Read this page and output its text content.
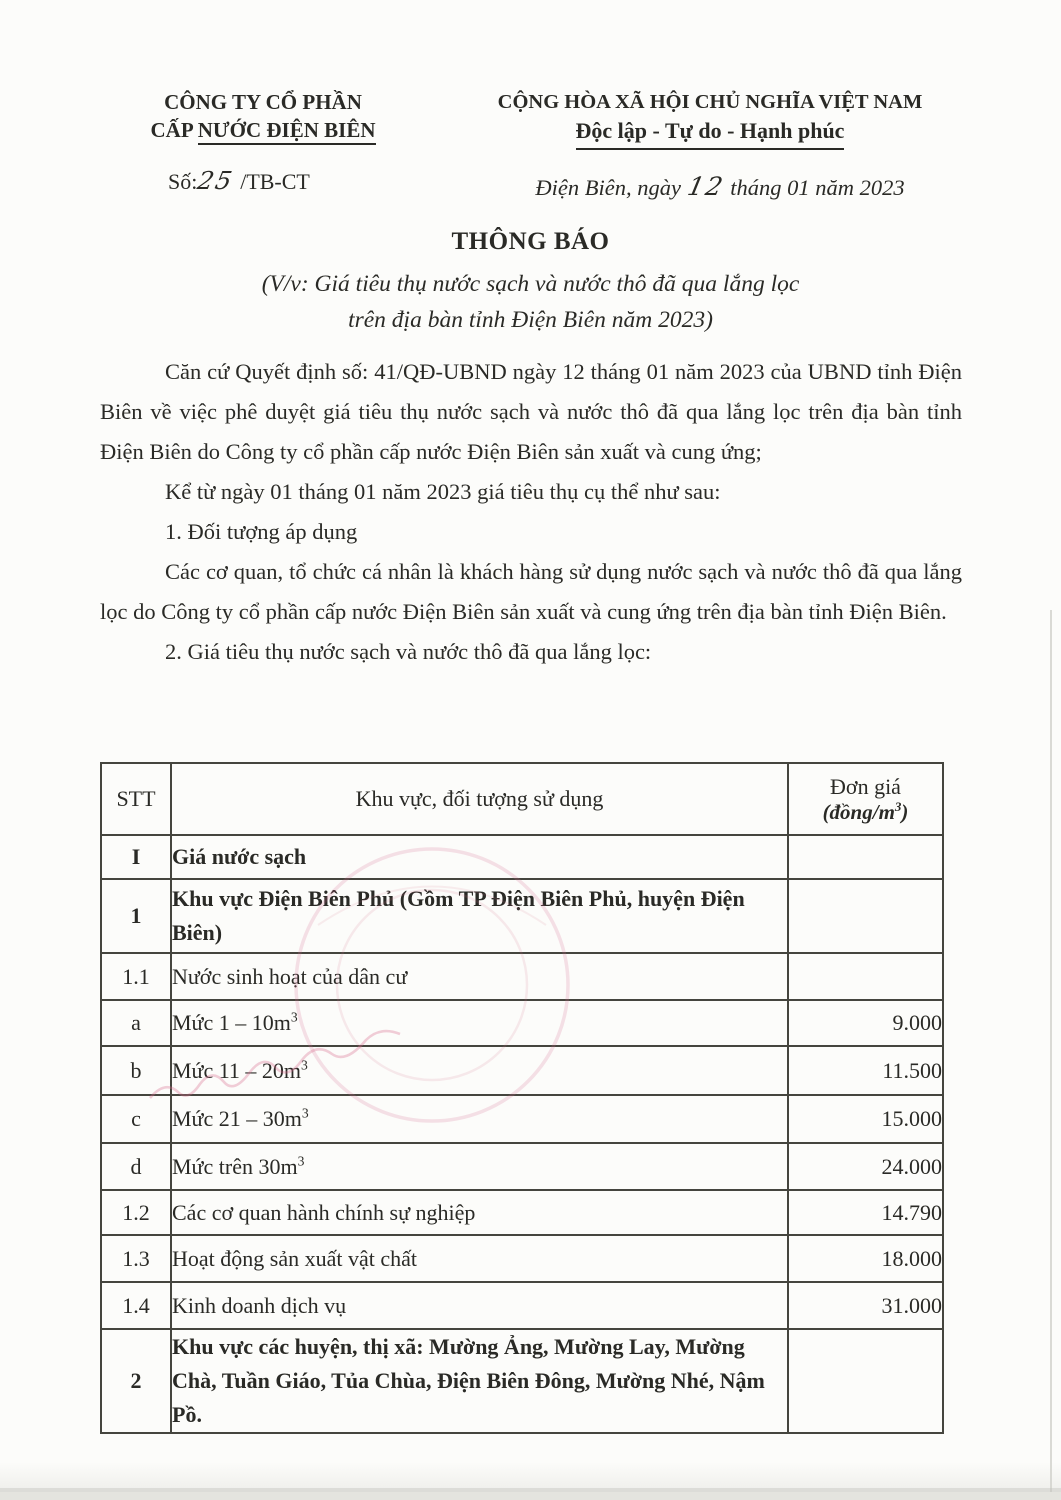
CÔNG TY CỔ PHẦN
CẤP NƯỚC ĐIỆN BIÊN
Số:25 /TB-CT
CỘNG HÒA XÃ HỘI CHỦ NGHĨA VIỆT NAM
Độc lập - Tự do - Hạnh phúc
Điện Biên, ngày 12 tháng 01 năm 2023
THÔNG BÁO
(V/v: Giá tiêu thụ nước sạch và nước thô đã qua lắng lọc
trên địa bàn tỉnh Điện Biên năm 2023)

Căn cứ Quyết định số: 41/QĐ-UBND ngày 12 tháng 01 năm 2023 của UBND tỉnh Điện Biên về việc phê duyệt giá tiêu thụ nước sạch và nước thô đã qua lắng lọc trên địa bàn tỉnh Điện Biên do Công ty cổ phần cấp nước Điện Biên sản xuất và cung ứng;

Kể từ ngày 01 tháng 01 năm 2023 giá tiêu thụ cụ thể như sau:

1. Đối tượng áp dụng

Các cơ quan, tổ chức cá nhân là khách hàng sử dụng nước sạch và nước thô đã qua lắng lọc do Công ty cổ phần cấp nước Điện Biên sản xuất và cung ứng trên địa bàn tỉnh Điện Biên.

2. Giá tiêu thụ nước sạch và nước thô đã qua lắng lọc:

STT	Khu vực, đối tượng sử dụng	Đơn giá
$(đồng/m^3)$

I	Giá nước sạch	
1	Khu vực Điện Biên Phủ (Gồm TP Điện Biên Phủ, huyện Điện Biên)	
1.1	Nước sinh hoạt của dân cư	
a	Mức $1 - 10m^3$	9.000
b	Mức $11 - 20m^3$	11.500
c	Mức $21 - 30m^3$	15.000
d	Mức trên $30m^3$	24.000
1.2	Các cơ quan hành chính sự nghiệp	14.790
1.3	Hoạt động sản xuất vật chất	18.000
1.4	Kinh doanh dịch vụ	31.000
2	Khu vực các huyện, thị xã: Mường Ảng, Mường Lay, Mường Chà, Tuần Giáo, Tủa Chùa, Điện Biên Đông, Mường Nhé, Nậm Pồ.	
